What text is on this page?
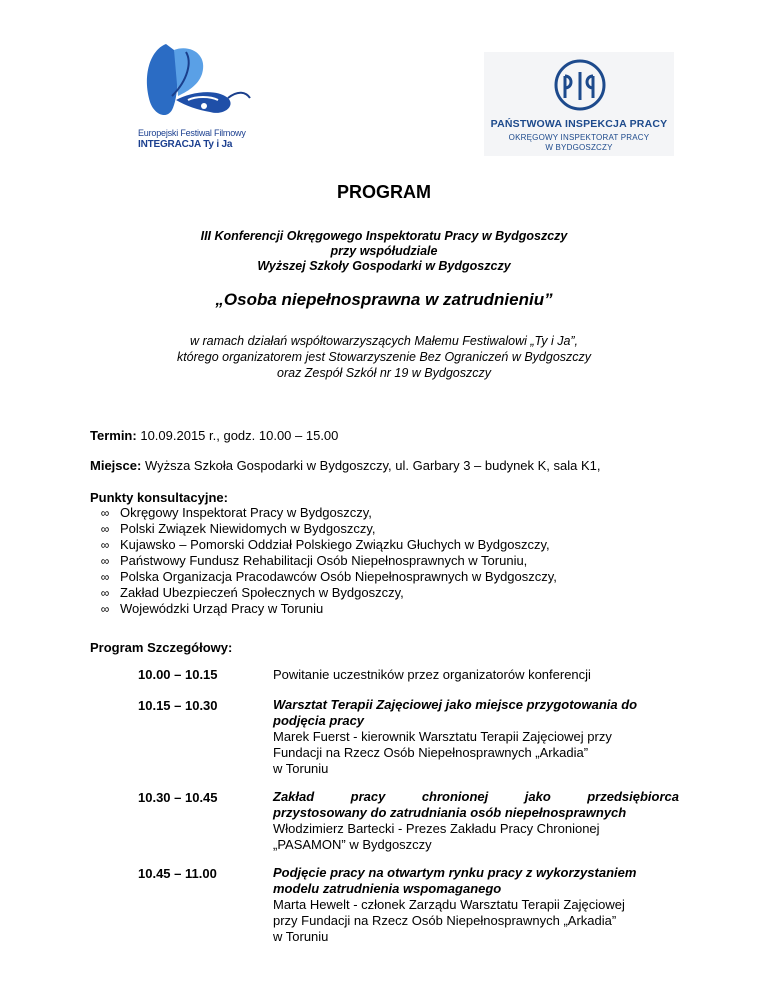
Europejski Festiwal Filmowy
INTEGRACJA Ty i Ja
PAŃSTWOWA INSPEKCJA PRACY
OKRĘGOWY INSPEKTORAT PRACY
W BYDGOSZCZY
PROGRAM
III Konferencji Okręgowego Inspektoratu Pracy w Bydgoszczy
przy współudziale
Wyższej Szkoły Gospodarki w Bydgoszczy
„Osoba niepełnosprawna w zatrudnieniu”
w ramach działań współtowarzyszących Małemu Festiwalowi „Ty i Ja”,
którego organizatorem jest Stowarzyszenie Bez Ograniczeń w Bydgoszczy
oraz Zespół Szkół nr 19 w Bydgoszczy
Termin: 10.09.2015 r., godz. 10.00 – 15.00
Miejsce: Wyższa Szkoła Gospodarki w Bydgoszczy, ul. Garbary 3 – budynek K, sala K1,
Punkty konsultacyjne:
∞ Okręgowy Inspektorat Pracy w Bydgoszczy,
∞ Polski Związek Niewidomych w Bydgoszczy,
∞ Kujawsko – Pomorski Oddział Polskiego Związku Głuchych w Bydgoszczy,
∞ Państwowy Fundusz Rehabilitacji Osób Niepełnosprawnych w Toruniu,
∞ Polska Organizacja Pracodawców Osób Niepełnosprawnych w Bydgoszczy,
∞ Zakład Ubezpieczeń Społecznych w Bydgoszczy,
∞ Wojewódzki Urząd Pracy w Toruniu
Program Szczegółowy:
10.00 – 10.15	Powitanie uczestników przez organizatorów konferencji
10.15 – 10.30	Warsztat Terapii Zajęciowej jako miejsce przygotowania do
podjęcia pracy
Marek Fuerst - kierownik Warsztatu Terapii Zajęciowej przy
Fundacji na Rzecz Osób Niepełnosprawnych „Arkadia”
w Toruniu
10.30 – 10.45	Zakład pracy chronionej jako przedsiębiorca
przystosowany do zatrudniania osób niepełnosprawnych
Włodzimierz Bartecki - Prezes Zakładu Pracy Chronionej
„PASAMON” w Bydgoszczy
10.45 – 11.00	Podjęcie pracy na otwartym rynku pracy z wykorzystaniem
modelu zatrudnienia wspomaganego
Marta Hewelt - członek Zarządu Warsztatu Terapii Zajęciowej
przy Fundacji na Rzecz Osób Niepełnosprawnych „Arkadia”
w Toruniu
